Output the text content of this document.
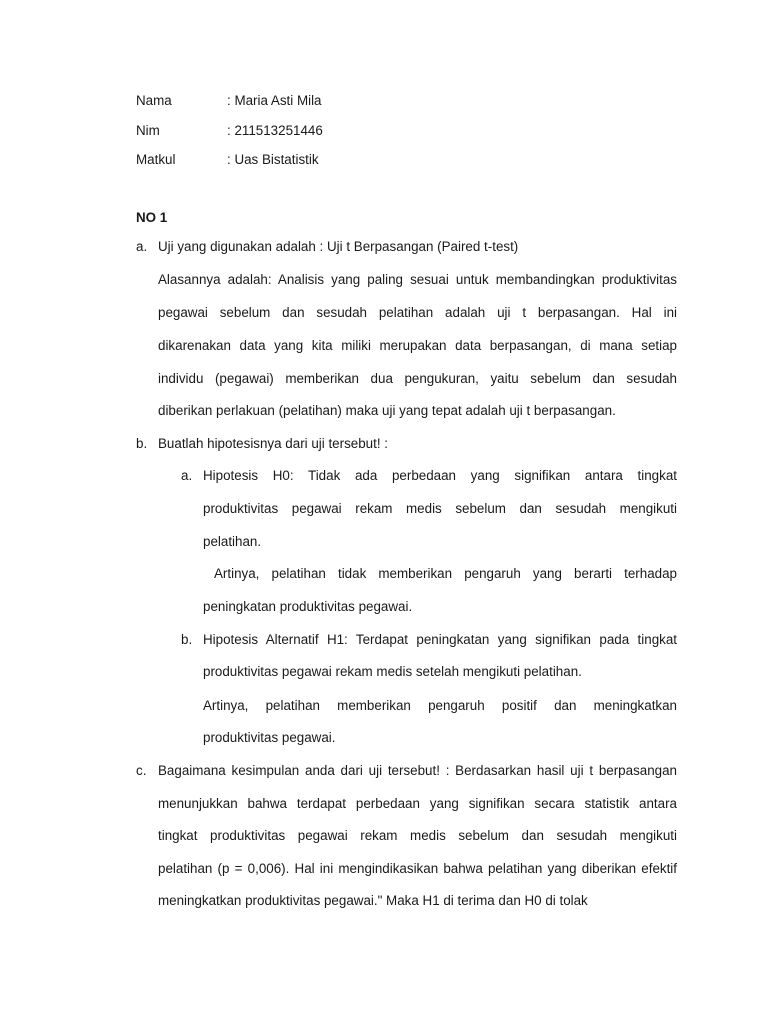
Nama	: Maria Asti Mila
Nim	: 211513251446
Matkul	: Uas Bistatistik
NO 1
a. Uji yang digunakan adalah : Uji t Berpasangan (Paired t-test)
Alasannya adalah: Analisis yang paling sesuai untuk membandingkan produktivitas
pegawai sebelum dan sesudah pelatihan adalah uji t berpasangan. Hal ini
dikarenakan data yang kita miliki merupakan data berpasangan, di mana setiap
individu (pegawai) memberikan dua pengukuran, yaitu sebelum dan sesudah
diberikan perlakuan (pelatihan) maka uji yang tepat adalah uji t berpasangan.
b. Buatlah hipotesisnya dari uji tersebut! :
a. Hipotesis H0: Tidak ada perbedaan yang signifikan antara tingkat
produktivitas pegawai rekam medis sebelum dan sesudah mengikuti
pelatihan.
Artinya, pelatihan tidak memberikan pengaruh yang berarti terhadap
peningkatan produktivitas pegawai.
b. Hipotesis Alternatif H1: Terdapat peningkatan yang signifikan pada tingkat
produktivitas pegawai rekam medis setelah mengikuti pelatihan.
Artinya, pelatihan memberikan pengaruh positif dan meningkatkan
produktivitas pegawai.
c. Bagaimana kesimpulan anda dari uji tersebut! : Berdasarkan hasil uji t berpasangan
menunjukkan bahwa terdapat perbedaan yang signifikan secara statistik antara
tingkat produktivitas pegawai rekam medis sebelum dan sesudah mengikuti
pelatihan (p = 0,006). Hal ini mengindikasikan bahwa pelatihan yang diberikan efektif
meningkatkan produktivitas pegawai." Maka H1 di terima dan H0 di tolak
